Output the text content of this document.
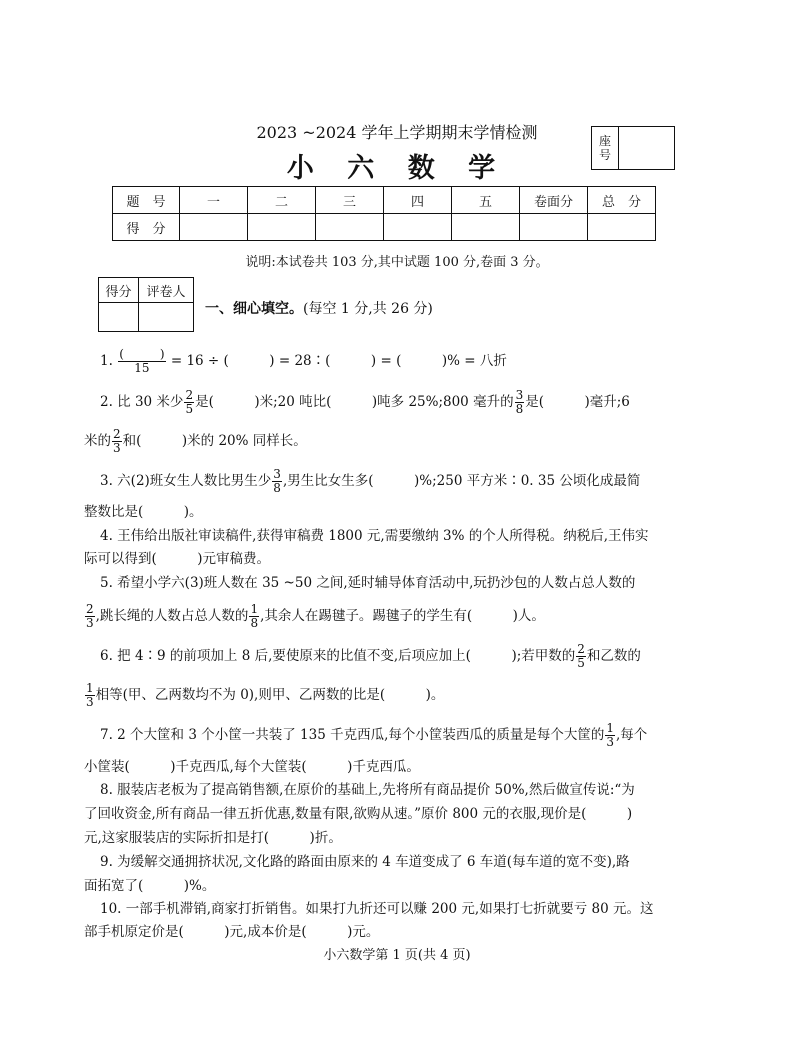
2023 ~2024 学年上学期期末学情检测
小 六 数 学
座
号
题　号	一	二	三	四	五	卷面分	总　分
得　分							
说明:本试卷共 103 分,其中试题 100 分,卷面 3 分。
得分	评卷人

一、细心填空。(每空 1 分,共 26 分)
1. $\frac{( )}{15} = 16$ ÷ (　　　) = 28∶(　　　) = (　　　)% = 八折
2. 比 30 米少 $\frac{2}{5}$ 是(　　　)米;20 吨比(　　　)吨多 25%;800 毫升的 $\frac{3}{8}$ 是(　　　)毫升;6
米的 $\frac{2}{3}$ 和(　　　)米的 20% 同样长。
3. 六(2)班女生人数比男生少 $\frac{3}{8}$ ,男生比女生多(　　　)%;250 平方米∶0. 35 公顷化成最简
整数比是(　　　)。
4. 王伟给出版社审读稿件,获得审稿费 1800 元,需要缴纳 3% 的个人所得税。纳税后,王伟实
际可以得到(　　　)元审稿费。
5. 希望小学六(3)班人数在 35 ~50 之间,延时辅导体育活动中,玩扔沙包的人数占总人数的
$\frac{2}{3}$ ,跳长绳的人数占总人数的 $\frac{1}{8}$ ,其余人在踢毽子。踢毽子的学生有(　　　)人。
6. 把 4∶9 的前项加上 8 后,要使原来的比值不变,后项应加上(　　　);若甲数的 $\frac{2}{5}$ 和乙数的
$\frac{1}{3}$ 相等(甲、乙两数均不为 0),则甲、乙两数的比是(　　　)。
7. 2 个大筐和 3 个小筐一共装了 135 千克西瓜,每个小筐装西瓜的质量是每个大筐的 $\frac{1}{3}$ ,每个
小筐装(　　　)千克西瓜,每个大筐装(　　　)千克西瓜。
8. 服装店老板为了提高销售额,在原价的基础上,先将所有商品提价 50%,然后做宣传说:“为
了回收资金,所有商品一律五折优惠,数量有限,欲购从速。”原价 800 元的衣服,现价是(　　　)
元,这家服装店的实际折扣是打(　　　)折。
9. 为缓解交通拥挤状况,文化路的路面由原来的 4 车道变成了 6 车道(每车道的宽不变),路
面拓宽了(　　　)%。
10. 一部手机滞销,商家打折销售。如果打九折还可以赚 200 元,如果打七折就要亏 80 元。这
部手机原定价是(　　　)元,成本价是(　　　)元。
小六数学第 1 页(共 4 页)
